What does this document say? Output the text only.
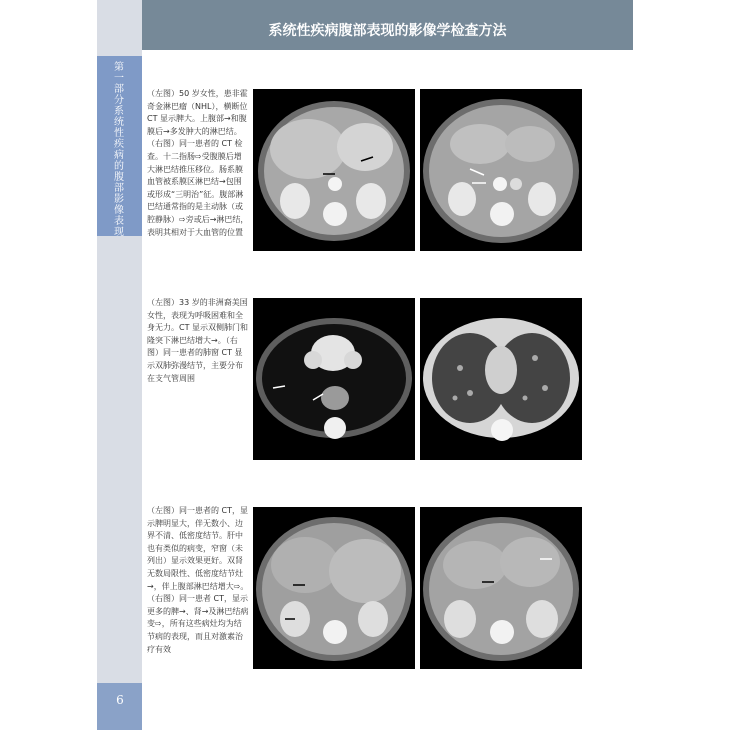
第一部分 系统性疾病的腹部影像表现
6
系统性疾病腹部表现的影像学检查方法
（左图）50 岁女性，患非霍奇金淋巴瘤（NHL），横断位 CT 显示脾大。上腹部→和腹膜后→多发肿大的淋巴结。（右图）同一患者的 CT 检查。十二指肠⇨受腹膜后增大淋巴结推压移位。肠系膜血管被系膜区淋巴结→包围或形成“三明治”征。腹部淋巴结通常指的是主动脉（或腔静脉）⇨旁或后→淋巴结，表明其相对于大血管的位置
（左图）33 岁的非洲裔美国女性，表现为呼吸困难和全身无力。CT 显示双侧肺门和隆突下淋巴结增大→。（右图）同一患者的肺窗 CT 显示双肺弥漫结节，主要分布在支气管周围
（左图）同一患者的 CT，显示脾明显大，伴无数小、边界不清、低密度结节。肝中也有类似的病变，窄窗（未列出）显示效果更好。双肾无数局限性、低密度结节灶→，伴上腹部淋巴结增大⇨。（右图）同一患者 CT，显示更多的脾→、肾→及淋巴结病变⇨，所有这些病灶均为结节病的表现，而且对激素治疗有效
